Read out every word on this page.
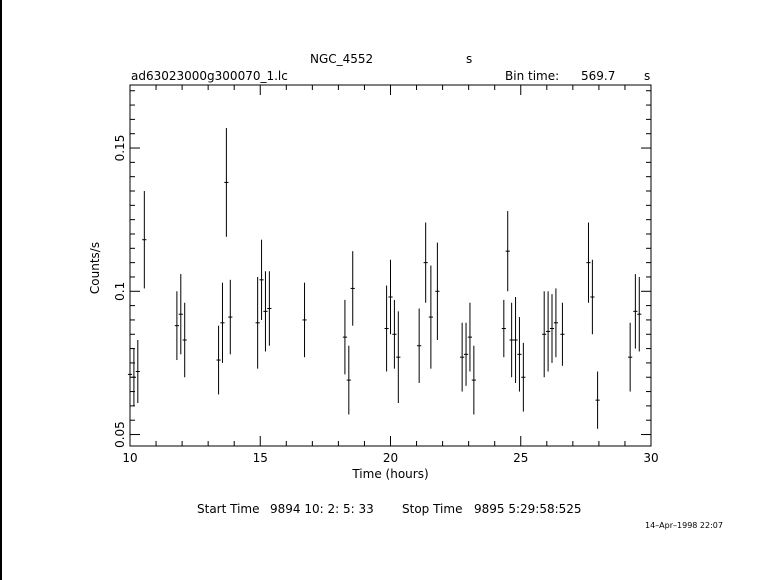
NGC_4552	s
ad63023000g300070_1.lc	Bin time: 569.7 s
10	15	20	25	30
0.05
0.1
0.15
Time (hours)
Counts/s
Start Time 9894 10: 2: 5: 33 Stop Time 9895 5:29:58:525
14–Apr–1998 22:07
